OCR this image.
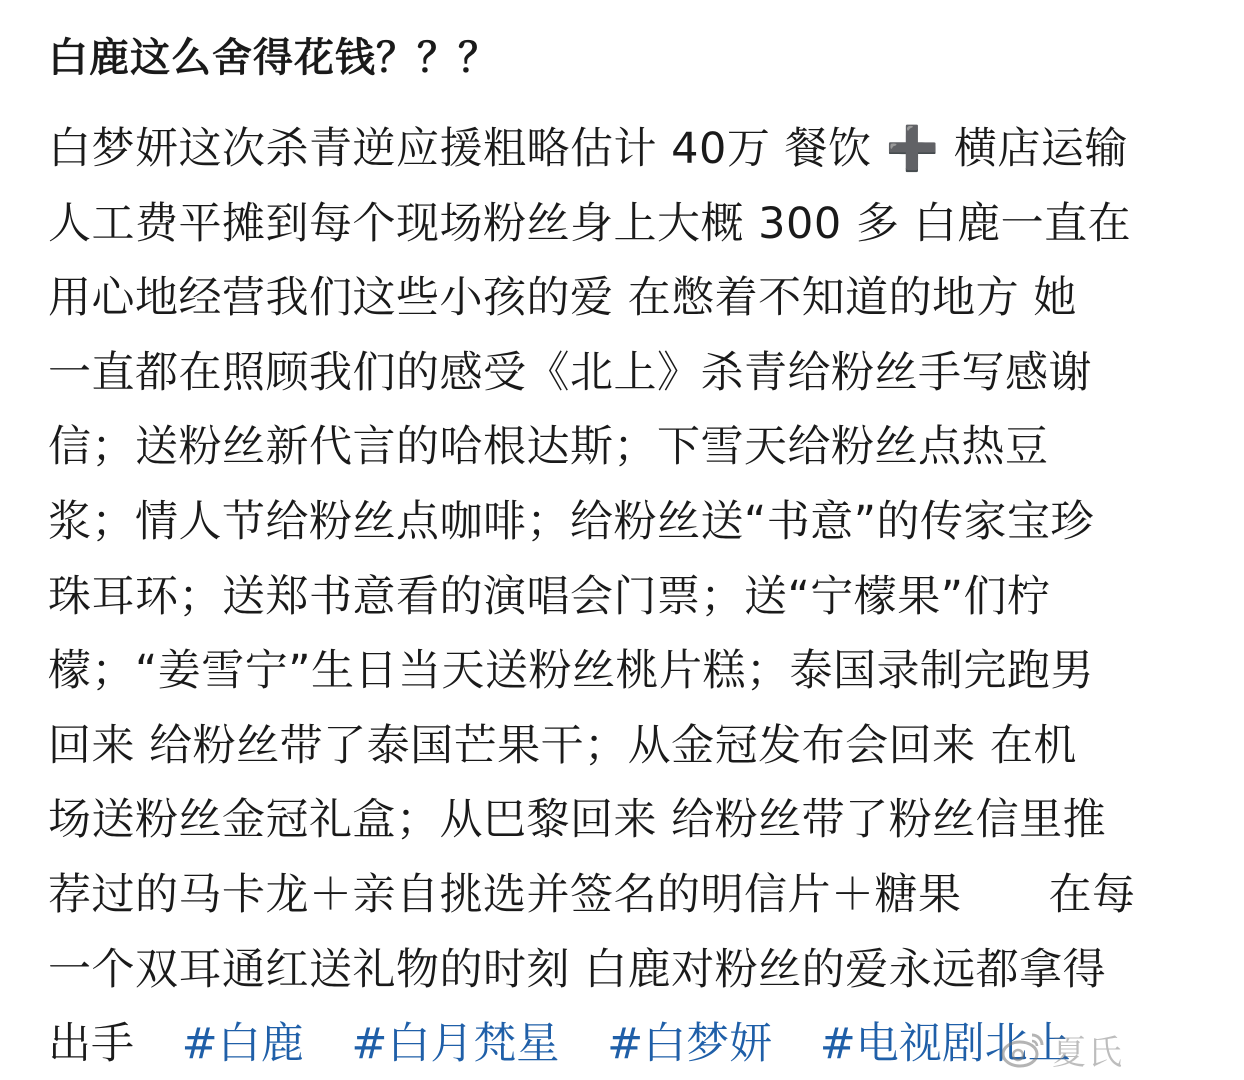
白鹿这么舍得花钱？？？
白梦妍这次杀青逆应援粗略估计 40万 餐饮 ➕ 横店运输
人工费平摊到每个现场粉丝身上大概 300 多 白鹿一直在
用心地经营我们这些小孩的爱 在憋着不知道的地方 她
一直都在照顾我们的感受《北上》杀青给粉丝手写感谢
信；送粉丝新代言的哈根达斯；下雪天给粉丝点热豆
浆；情人节给粉丝点咖啡；给粉丝送“书意”的传家宝珍
珠耳环；送郑书意看的演唱会门票；送“宁檬果”们柠
檬；“姜雪宁”生日当天送粉丝桃片糕；泰国录制完跑男
回来 给粉丝带了泰国芒果干；从金冠发布会回来 在机
场送粉丝金冠礼盒；从巴黎回来 给粉丝带了粉丝信里推
荐过的马卡龙＋亲自挑选并签名的明信片＋糖果　　在每
一个双耳通红送礼物的时刻 白鹿对粉丝的爱永远都拿得
出手 #白鹿 #白月梵星 #白梦妍 #电视剧北上
夏氏
